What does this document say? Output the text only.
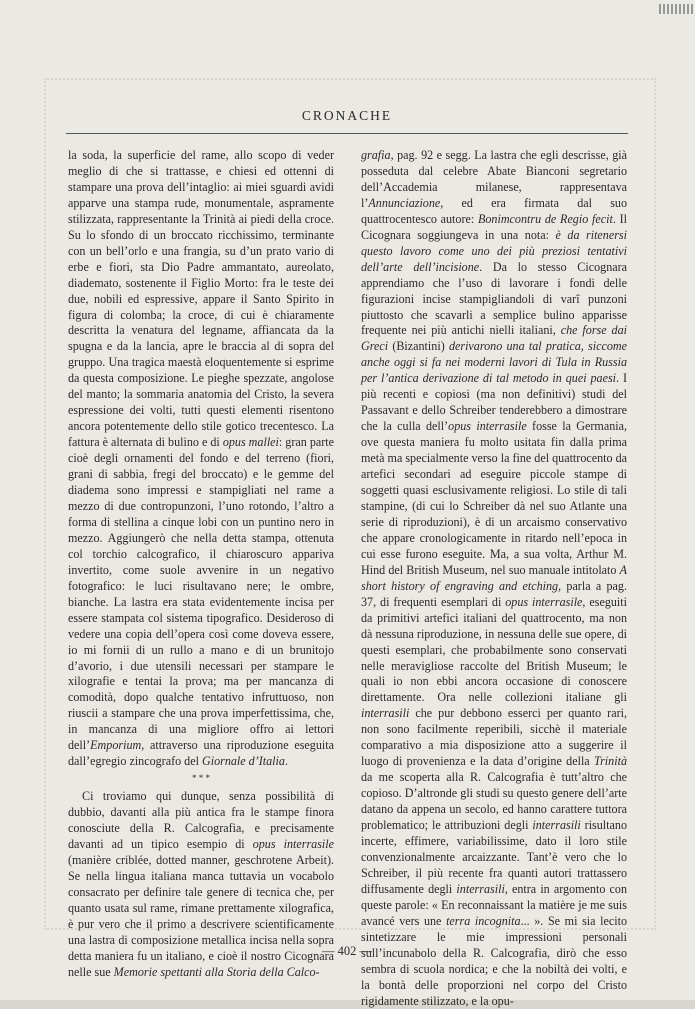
CRONACHE

la soda, la superficie del rame, allo scopo di veder meglio di che si trattasse, e chiesi ed ottenni di stampare una prova dell’intaglio: ai miei sguardi avidi apparve una stampa rude, monumentale, aspramente stilizzata, rappresentante la Trinità ai piedi della croce. Su lo sfondo di un broccato ricchissimo, terminante con un bell’orlo e una frangia, su d’un prato vario di erbe e fiori, sta Dio Padre ammantato, aureolato, diademato, sostenente il Figlio Morto: fra le teste dei due, nobili ed espressive, appare il Santo Spirito in figura di colomba; la croce, di cui è chiaramente descritta la venatura del legname, affiancata da la spugna e da la lancia, apre le braccia al di sopra del gruppo. Una tragica maestà eloquentemente si esprime da questa composizione. Le pieghe spezzate, angolose del manto; la sommaria anatomia del Cristo, la severa espressione dei volti, tutti questi elementi risentono ancora potentemente dello stile gotico trecentesco. La fattura è alternata di bulino e di opus mallei: gran parte cioè degli ornamenti del fondo e del terreno (fiori, grani di sabbia, fregi del broccato) e le gemme del diadema sono impressi e stampigliati nel rame a mezzo di due contropunzoni, l’uno rotondo, l’altro a forma di stellina a cinque lobi con un puntino nero in mezzo. Aggiungerò che nella detta stampa, ottenuta col torchio calcografico, il chiaroscuro appariva invertito, come suole avvenire in un negativo fotografico: le luci risultavano nere; le ombre, bianche. La lastra era stata evidentemente incisa per essere stampata col sistema tipografico. Desideroso di vedere una copia dell’opera così come doveva essere, io mi fornii di un rullo a mano e di un brunitojo d’avorio, i due utensili necessari per stampare le xilografie e tentai la prova; ma per mancanza di comodità, dopo qualche tentativo infruttuoso, non riuscii a stampare che una prova imperfettissima, che, in mancanza di una migliore offro ai lettori dell’Emporium, attraverso una riproduzione eseguita dall’egregio zincografo del Giornale d’Italia.

* * *

Ci troviamo qui dunque, senza possibilità di dubbio, davanti alla più antica fra le stampe finora conosciute della R. Calcografia, e precisamente davanti ad un tipico esempio di opus interrasile (manière criblée, dotted manner, geschrotene Arbeit). Se nella lingua italiana manca tuttavia un vocabolo consacrato per definire tale genere di tecnica che, per quanto usata sul rame, rimane prettamente xilografica, è pur vero che il primo a descrivere scientificamente una lastra di composizione metallica incisa nella sopra detta maniera fu un italiano, e cioè il nostro Cicognara nelle sue Memorie spettanti alla Storia della Calco-

grafia, pag. 92 e segg. La lastra che egli descrisse, già posseduta dal celebre Abate Bianconi segretario dell’Accademia milanese, rappresentava l’Annunciazione, ed era firmata dal suo quattrocentesco autore: Bonimcontru de Regio fecit. Il Cicognara soggiungeva in una nota: è da ritenersi questo lavoro come uno dei più preziosi tentativi dell’arte dell’incisione. Da lo stesso Cicognara apprendiamo che l’uso di lavorare i fondi delle figurazioni incise stampigliandoli di varî punzoni piuttosto che scavarli a semplice bulino apparisse frequente nei più antichi nielli italiani, che forse dai Greci (Bizantini) derivarono una tal pratica, siccome anche oggi si fa nei moderni lavori di Tula in Russia per l’antica derivazione di tal metodo in quei paesi. I più recenti e copiosi (ma non definitivi) studi del Passavant e dello Schreiber tenderebbero a dimostrare che la culla dell’opus interrasile fosse la Germania, ove questa maniera fu molto usitata fin dalla prima metà ma specialmente verso la fine del quattrocento da artefici secondari ad eseguire piccole stampe di soggetti quasi esclusivamente religiosi. Lo stile di tali stampine, (di cui lo Schreiber dà nel suo Atlante una serie di riproduzioni), è di un arcaismo conservativo che appare cronologicamente in ritardo nell’epoca in cui esse furono eseguite. Ma, a sua volta, Arthur M. Hind del British Museum, nel suo manuale intitolato A short history of engraving and etching, parla a pag. 37, di frequenti esemplari di opus interrasile, eseguiti da primitivi artefici italiani del quattrocento, ma non dà nessuna riproduzione, in nessuna delle sue opere, di questi esemplari, che probabilmente sono conservati nelle meravigliose raccolte del British Museum; le quali io non ebbi ancora occasione di conoscere direttamente. Ora nelle collezioni italiane gli interrasili che pur debbono esserci per quanto rari, non sono facilmente reperibili, sicchè il materiale comparativo a mia disposizione atto a suggerire il luogo di provenienza e la data d’origine della Trinità da me scoperta alla R. Calcografia è tutt’altro che copioso. D’altronde gli studi su questo genere dell’arte datano da appena un secolo, ed hanno carattere tuttora problematico; le attribuzioni degli interrasili risultano incerte, effimere, variabilissime, dato il loro stile convenzionalmente arcaizzante. Tant’è vero che lo Schreiber, il più recente fra quanti autori trattassero diffusamente degli interrasili, entra in argomento con queste parole: « En reconnaissant la matière je me suis avancé vers une terra incognita... ». Se mi sia lecito sintetizzare le mie impressioni personali sull’incunabolo della R. Calcografia, dirò che esso sembra di scuola nordica; e che la nobiltà dei volti, e la bontà delle proporzioni nel corpo del Cristo rigidamente stilizzato, e la opu-

— 402 —
